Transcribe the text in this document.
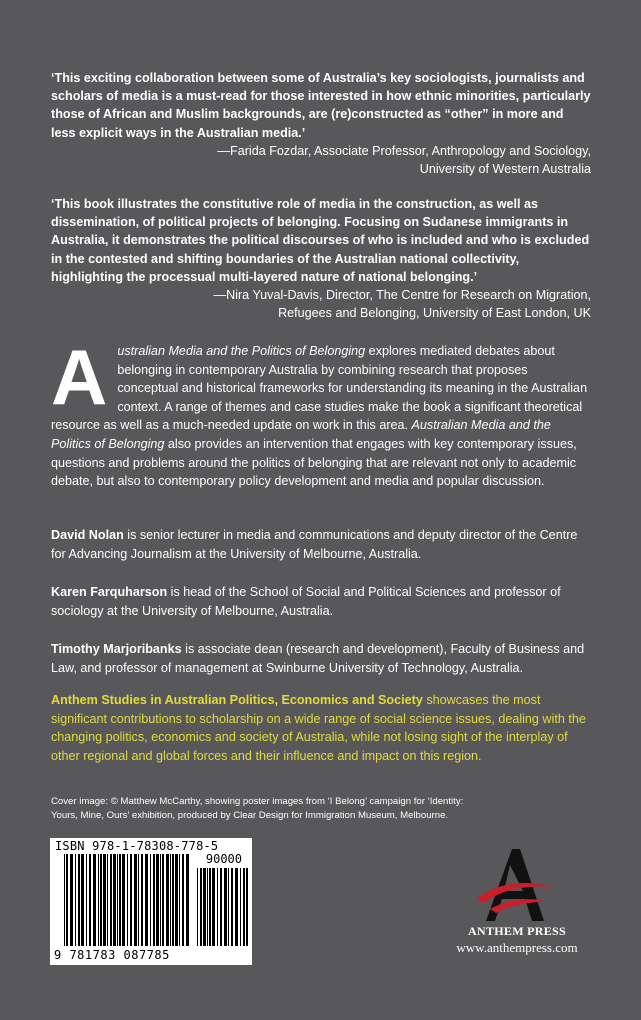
‘This exciting collaboration between some of Australia’s key sociologists, journalists and scholars of media is a must-read for those interested in how ethnic minorities, particularly those of African and Muslim backgrounds, are (re)constructed as “other” in more and less explicit ways in the Australian media.’

—Farida Fozdar, Associate Professor, Anthropology and Sociology,

University of Western Australia

‘This book illustrates the constitutive role of media in the construction, as well as dissemination, of political projects of belonging. Focusing on Sudanese immigrants in Australia, it demonstrates the political discourses of who is included and who is excluded in the contested and shifting boundaries of the Australian national collectivity, highlighting the processual multi-layered nature of national belonging.’

—Nira Yuval-Davis, Director, The Centre for Research on Migration,

Refugees and Belonging, University of East London, UK

Australian Media and the Politics of Belonging explores mediated debates about belonging in contemporary Australia by combining research that proposes conceptual and historical frameworks for understanding its meaning in the Australian context. A range of themes and case studies make the book a significant theoretical resource as well as a much-needed update on work in this area. Australian Media and the Politics of Belonging also provides an intervention that engages with key contemporary issues, questions and problems around the politics of belonging that are relevant not only to academic debate, but also to contemporary policy development and media and popular discussion.
David Nolan is senior lecturer in media and communications and deputy director of the Centre for Advancing Journalism at the University of Melbourne, Australia.
Karen Farquharson is head of the School of Social and Political Sciences and professor of sociology at the University of Melbourne, Australia.
Timothy Marjoribanks is associate dean (research and development), Faculty of Business and Law, and professor of management at Swinburne University of Technology, Australia.
Anthem Studies in Australian Politics, Economics and Society showcases the most significant contributions to scholarship on a wide range of social science issues, dealing with the changing politics, economics and society of Australia, while not losing sight of the interplay of other regional and global forces and their influence and impact on this region.
Cover image: © Matthew McCarthy, showing poster images from ‘I Belong’ campaign for ‘Identity: Yours, Mine, Ours’ exhibition, produced by Clear Design for Immigration Museum, Melbourne.
ISBN 978-1-78308-778-5
90000
9 781783 087785
ANTHEM PRESS
www.anthempress.com
